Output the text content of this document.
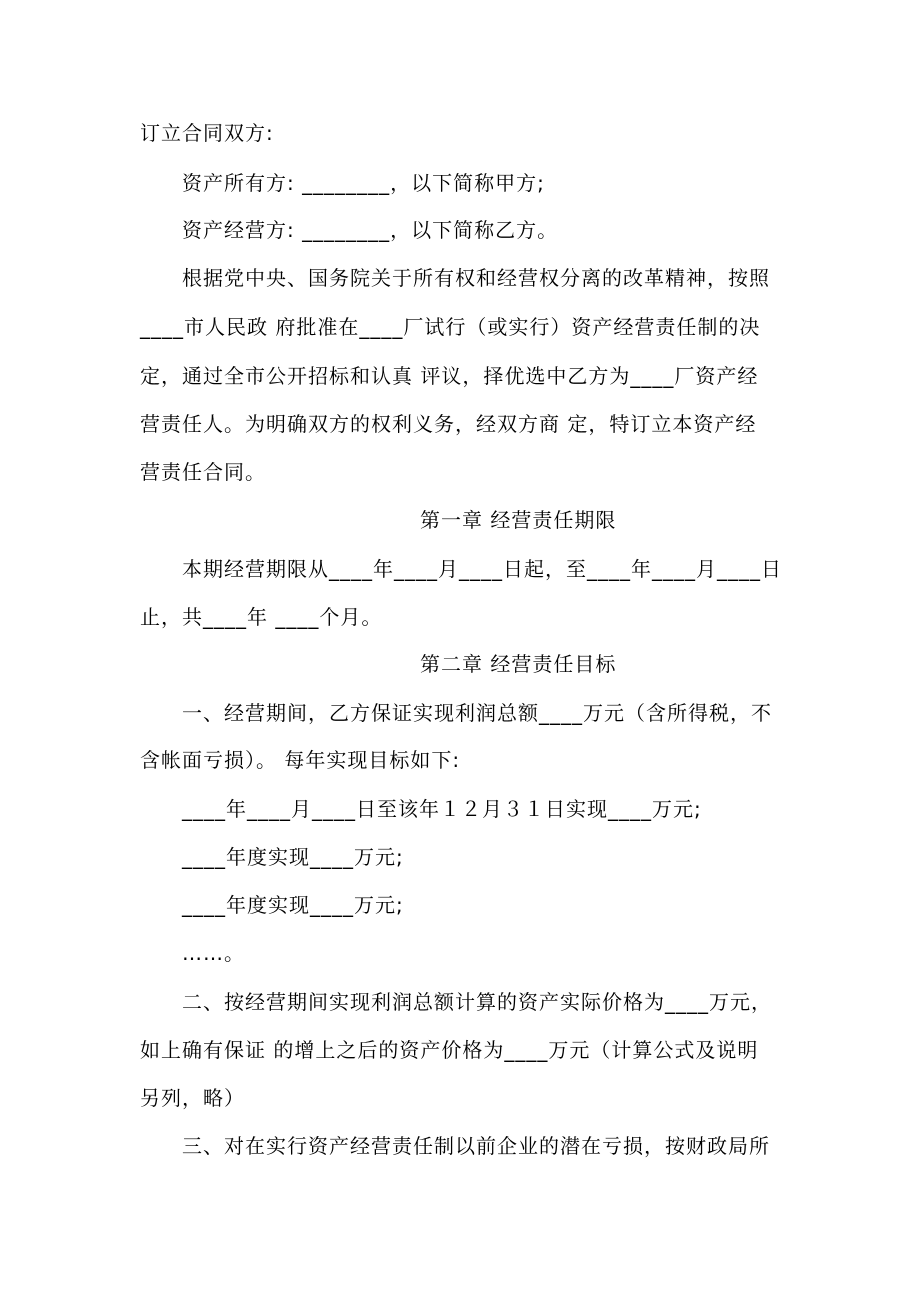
订立合同双方:
资产所有方: ________，以下简称甲方;
资产经营方: ________，以下简称乙方。
根据党中央、国务院关于所有权和经营权分离的改革精神，按照
____市人民政 府批准在____厂试行（或实行）资产经营责任制的决
定，通过全市公开招标和认真 评议，择优选中乙方为____厂资产经
营责任人。为明确双方的权利义务，经双方商 定，特订立本资产经
营责任合同。
第一章 经营责任期限
本期经营期限从____年____月____日起，至____年____月____日
止，共____年 ____个月。
第二章 经营责任目标
一、经营期间，乙方保证实现利润总额____万元（含所得税，不
含帐面亏损）。 每年实现目标如下:
____年____月____日至该年１２月３１日实现____万元;
____年度实现____万元;
____年度实现____万元;
……。
二、按经营期间实现利润总额计算的资产实际价格为____万元，
如上确有保证 的增上之后的资产价格为____万元（计算公式及说明
另列，略）
三、对在实行资产经营责任制以前企业的潜在亏损，按财政局所
